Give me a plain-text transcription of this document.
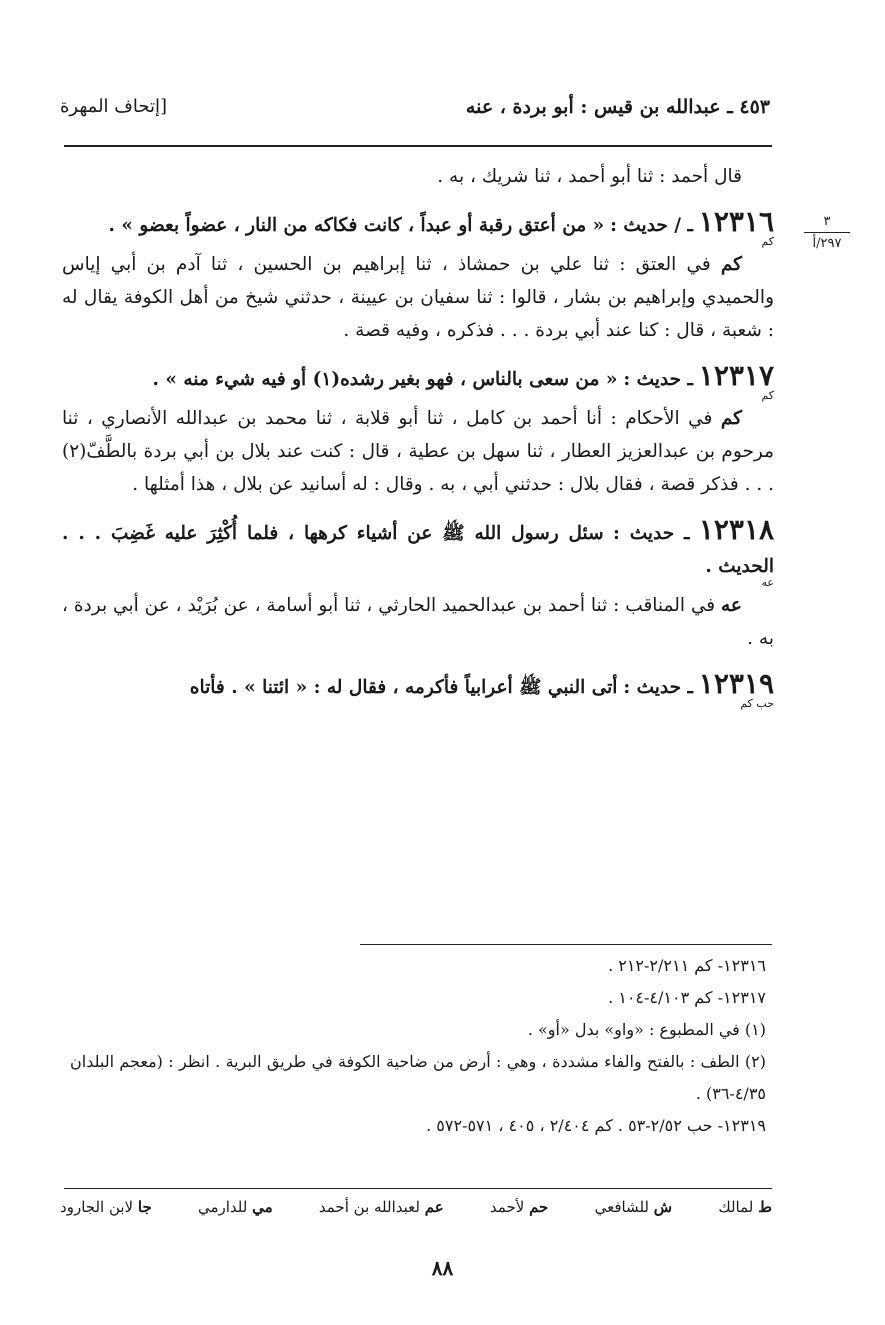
٤٥٣ ـ عبدالله بن قيس : أبو بردة ، عنه
[إتحاف المهرة
٣
٢٩٧/أ

قال أحمد : ثنا أبو أحمد ، ثنا شريك ، به .

١٢٣١٦ ـ / حديث : « من أعتق رقبة أو عبداً ، كانت فكاكه من النار ، عضواً بعضو » .

كم

كم في العتق : ثنا علي بن حمشاذ ، ثنا إبراهيم بن الحسين ، ثنا آدم بن أبي إياس والحميدي وإبراهيم بن بشار ، قالوا : ثنا سفيان بن عيينة ، حدثني شيخ من أهل الكوفة يقال له : شعبة ، قال : كنا عند أبي بردة . . . فذكره ، وفيه قصة .

١٢٣١٧ ـ حديث : « من سعى بالناس ، فهو بغير رشده(١) أو فيه شيء منه » .

كم

كم في الأحكام : أنا أحمد بن كامل ، ثنا أبو قلابة ، ثنا محمد بن عبدالله الأنصاري ، ثنا مرحوم بن عبدالعزيز العطار ، ثنا سهل بن عطية ، قال : كنت عند بلال بن أبي بردة بالطَّفّ(٢) . . . فذكر قصة ، فقال بلال : حدثني أبي ، به . وقال : له أسانيد عن بلال ، هذا أمثلها .

١٢٣١٨ ـ حديث : سئل رسول الله ﷺ عن أشياء كرهها ، فلما أُكْثِرَ عليه غَضِبَ . . . الحديث .

عه

عه في المناقب : ثنا أحمد بن عبدالحميد الحارثي ، ثنا أبو أسامة ، عن بُرَيْد ، عن أبي بردة ، به .

١٢٣١٩ ـ حديث : أتى النبي ﷺ أعرابياً فأكرمه ، فقال له : « ائتنا » . فأتاه

حب كم

١٢٣١٦- كم ٢/٢١١-٢١٢ .

١٢٣١٧- كم ٤/١٠٣-١٠٤ .

(١) في المطبوع : «واو» بدل «أو» .

(٢) الطف : بالفتح والفاء مشددة ، وهي : أرض من ضاحية الكوفة في طريق البرية . انظر : (معجم البلدان ٤/٣٥-٣٦) .

١٢٣١٩- حب ٢/٥٢-٥٣ . كم ٢/٤٠٤ ، ٤٠٥ ، ٥٧١-٥٧٢ .

ط لمالك
ش للشافعي
حم لأحمد
عم لعبدالله بن أحمد
مي للدارمي
جا لابن الجارود
٨٨
